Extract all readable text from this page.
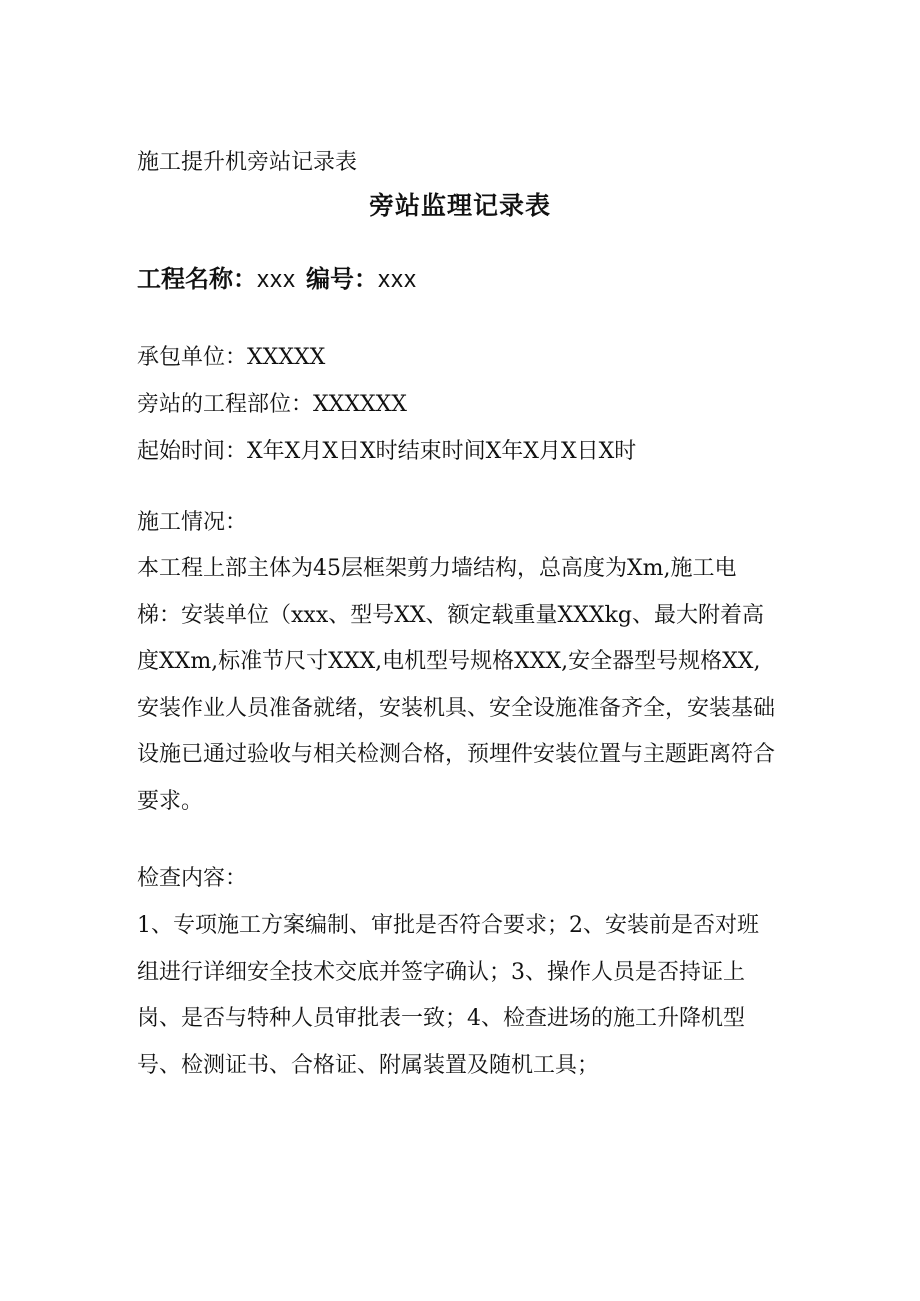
施工提升机旁站记录表
旁站监理记录表
工程名称：xxx 编号：xxx
承包单位：XXXXX
旁站的工程部位：XXXXXX
起始时间：X年X月X日X时结束时间X年X月X日X时
施工情况：
本工程上部主体为45层框架剪力墙结构，总高度为Xm,施工电梯：安装单位（xxx、型号XX、额定载重量XXXkg、最大附着高度XXm,标准节尺寸XXX,电机型号规格XXX,安全器型号规格XX,安装作业人员准备就绪，安装机具、安全设施准备齐全，安装基础设施已通过验收与相关检测合格，预埋件安装位置与主题距离符合要求。
检查内容：
1、专项施工方案编制、审批是否符合要求；2、安装前是否对班组进行详细安全技术交底并签字确认；3、操作人员是否持证上岗、是否与特种人员审批表一致；4、检查进场的施工升降机型号、检测证书、合格证、附属装置及随机工具；
